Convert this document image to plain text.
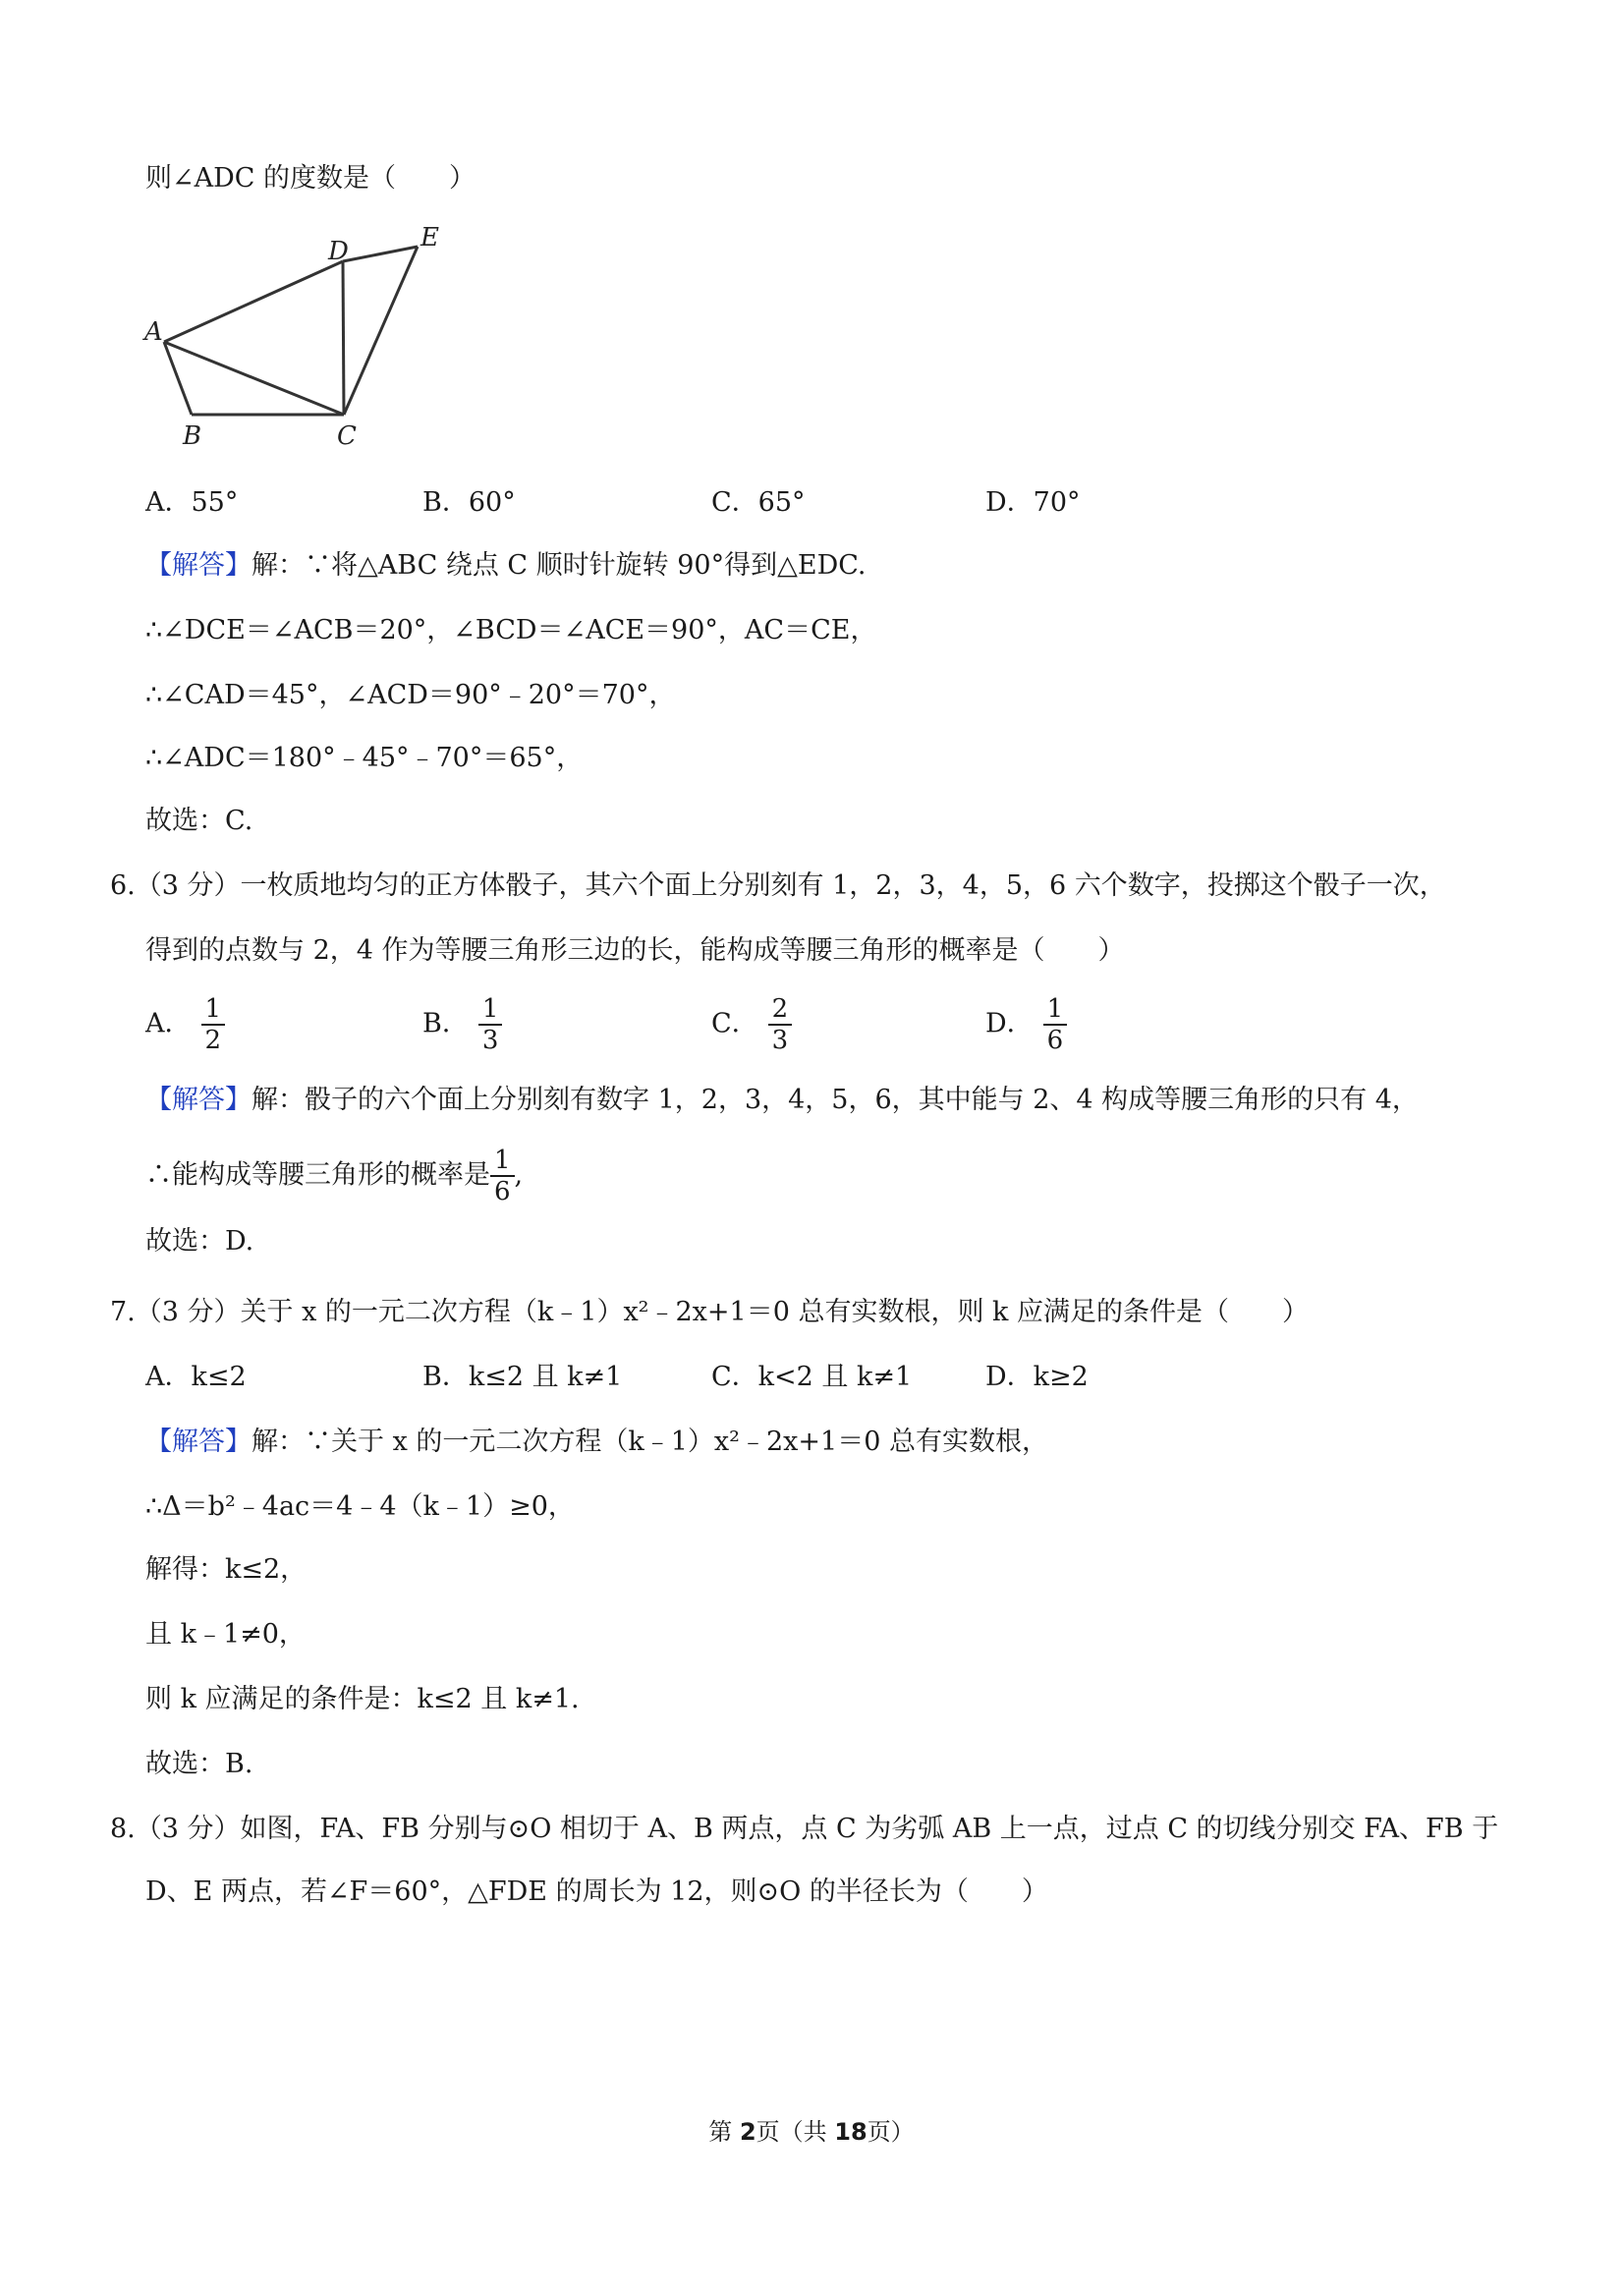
则∠ADC 的度数是（　　）
A
D	E
B	C
A．55°	B．60°	C．65°	D．70°
【解答】解：∵将△ABC 绕点 C 顺时针旋转 90°得到△EDC.
∴∠DCE＝∠ACB＝20°，∠BCD＝∠ACE＝90°，AC＝CE，
∴∠CAD＝45°，∠ACD＝90°﹣20°＝70°，
∴∠ADC＝180°﹣45°﹣70°＝65°，
故选：C.
6.（3 分）一枚质地均匀的正方体骰子，其六个面上分别刻有 1，2，3，4，5，6 六个数字，投掷这个骰子一次，
得到的点数与 2，4 作为等腰三角形三边的长，能构成等腰三角形的概率是（　　）
A． $\frac{1}{2}$	B． $\frac{1}{3}$	C． $\frac{2}{3}$	D． $\frac{1}{6}$
【解答】解：骰子的六个面上分别刻有数字 1，2，3，4，5，6，其中能与 2、4 构成等腰三角形的只有 4，
∴能构成等腰三角形的概率是 $\frac{1}{6}$ ,
故选：D.
7.（3 分）关于 x 的一元二次方程（k﹣1）x²﹣2x+1＝0 总有实数根，则 k 应满足的条件是（　　）
A．k≤2	B．k≤2 且 k≠1	C．k<2 且 k≠1	D．k≥2
【解答】解：∵关于 x 的一元二次方程（k﹣1）x²﹣2x+1＝0 总有实数根，
∴Δ＝b²﹣4ac＝4﹣4（k﹣1）≥0，
解得：k≤2，
且 k﹣1≠0，
则 k 应满足的条件是：k≤2 且 k≠1.
故选：B.
8.（3 分）如图，FA、FB 分别与⊙O 相切于 A、B 两点，点 C 为劣弧 AB 上一点，过点 C 的切线分别交 FA、FB 于
D、E 两点，若∠F＝60°，△FDE 的周长为 12，则⊙O 的半径长为（　　）
第 2页（共 18页）
